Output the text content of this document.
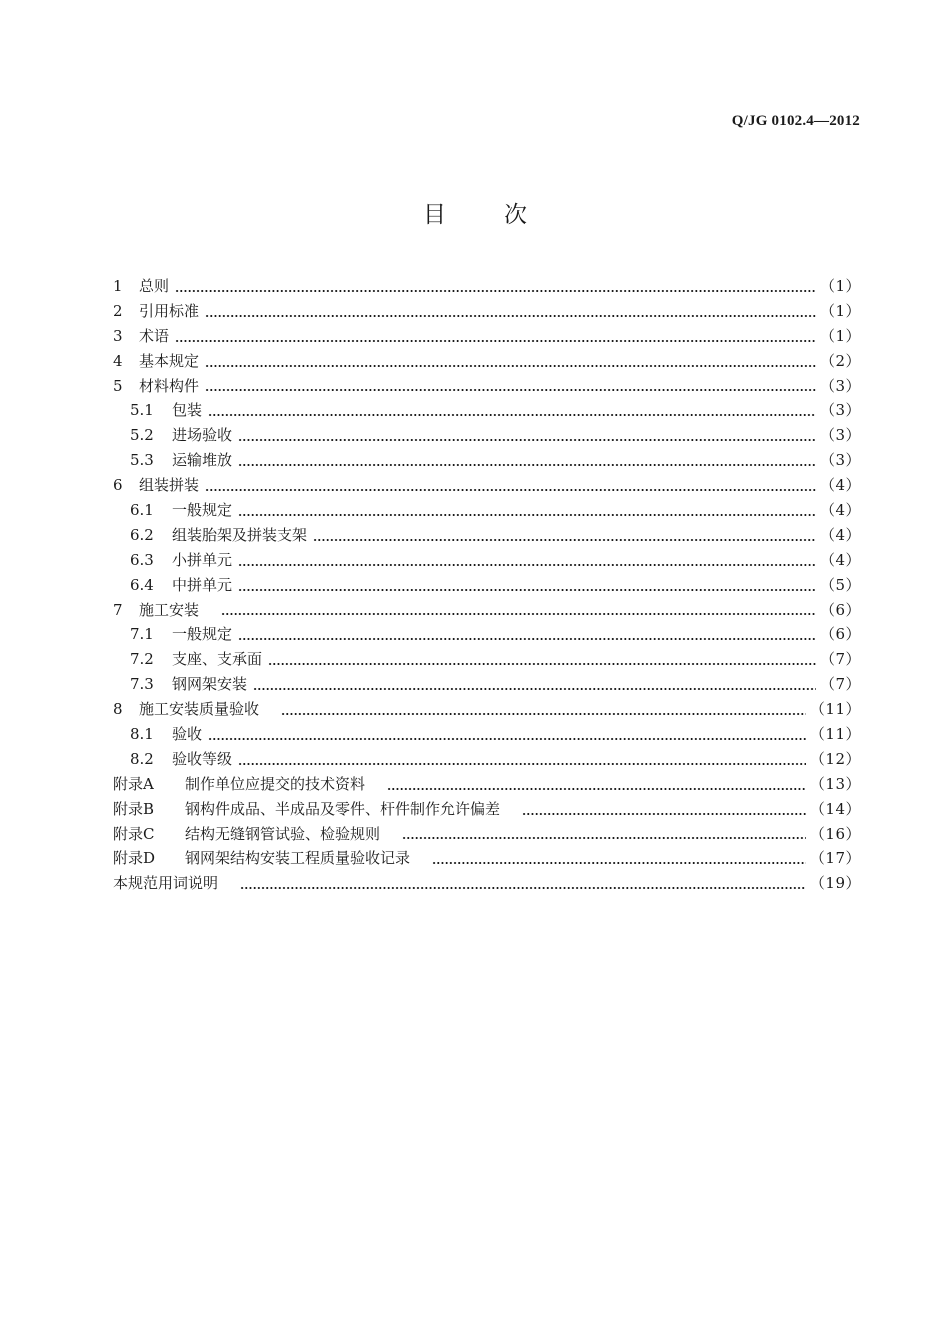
Q/JG 0102.4—2012
目次
1	总则	（1）
2	引用标准	（1）
3	术语	（1）
4	基本规定	（2）
5	材料构件	（3）
5.1	包装	（3）
5.2	进场验收	（3）
5.3	运输堆放	（3）
6	组装拼装	（4）
6.1	一般规定	（4）
6.2	组装胎架及拼装支架	（4）
6.3	小拼单元	（4）
6.4	中拼单元	（5）
7	施工安装	（6）
7.1	一般规定	（6）
7.2	支座、支承面	（7）
7.3	钢网架安装	（7）
8	施工安装质量验收	（11）
8.1	验收	（11）
8.2	验收等级	（12）
附录A	制作单位应提交的技术资料	（13）
附录B	钢构件成品、半成品及零件、杆件制作允许偏差	（14）
附录C	结构无缝钢管试验、检验规则	（16）
附录D	钢网架结构安装工程质量验收记录	（17）
本规范用词说明	（19）
